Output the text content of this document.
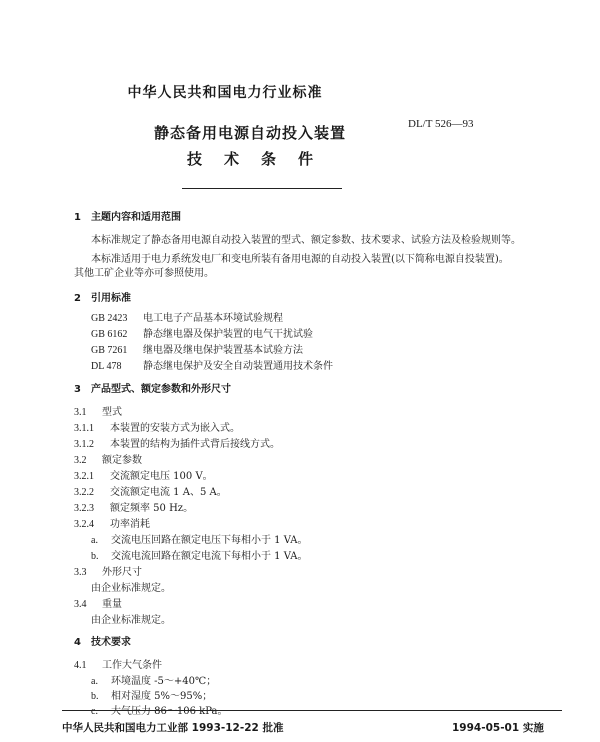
中华人民共和国电力行业标准
DL/T 526—93
静态备用电源自动投入装置
技术条件
1　主题内容和适用范围
本标准规定了静态备用电源自动投入装置的型式、额定参数、技术要求、试验方法及检验规则等。
本标准适用于电力系统发电厂和变电所装有备用电源的自动投入装置(以下简称电源自投装置)。
其他工矿企业等亦可参照使用。
2　引用标准
GB 2423 电工电子产品基本环境试验规程
GB 6162 静态继电器及保护装置的电气干扰试验
GB 7261 继电器及继电保护装置基本试验方法
DL 478 静态继电保护及安全自动装置通用技术条件
3　产品型式、额定参数和外形尺寸
3.1 型式
3.1.1 本装置的安装方式为嵌入式。
3.1.2 本装置的结构为插件式背后接线方式。
3.2 额定参数
3.2.1 交流额定电压 100 V。
3.2.2 交流额定电流 1 A、5 A。
3.2.3 额定频率 50 Hz。
3.2.4 功率消耗
a. 交流电压回路在额定电压下每相小于 1 VA。
b. 交流电流回路在额定电流下每相小于 1 VA。
3.3 外形尺寸
由企业标准规定。
3.4 重量
由企业标准规定。
4　技术要求
4.1 工作大气条件
a. 环境温度 -5～+40℃；
b. 相对湿度 5%～95%；
c. 大气压力 86～106 kPa。
中华人民共和国电力工业部 1993-12-22 批准	1994-05-01 实施
